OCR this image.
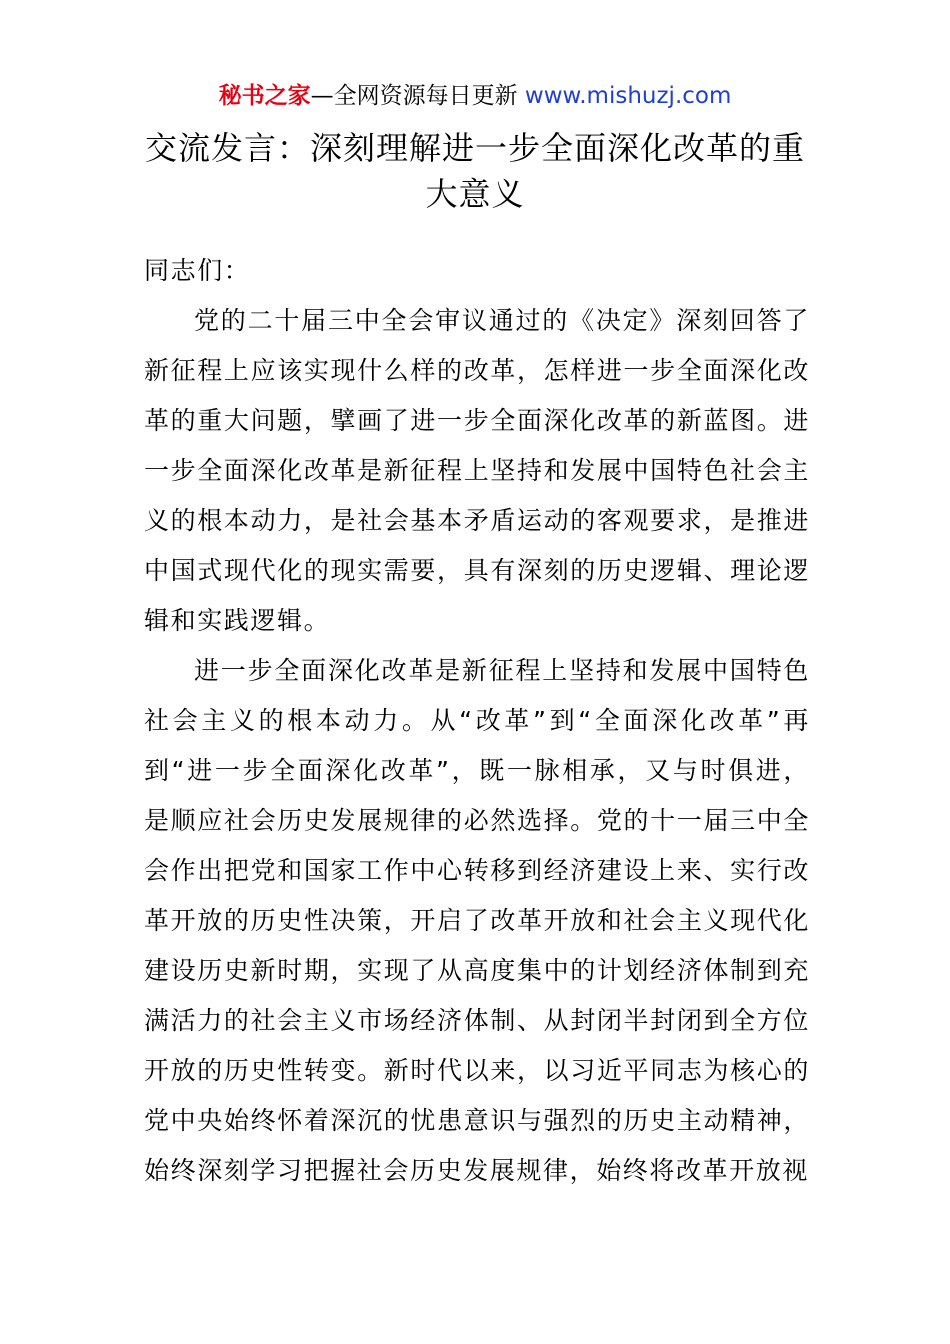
秘书之家—全网资源每日更新 www.mishuzj.com
交流发言：深刻理解进一步全面深化改革的重大意义

同志们：

党的二十届三中全会审议通过的《决定》深刻回答了新征程上应该实现什么样的改革，怎样进一步全面深化改革的重大问题，擘画了进一步全面深化改革的新蓝图。进一步全面深化改革是新征程上坚持和发展中国特色社会主义的根本动力，是社会基本矛盾运动的客观要求，是推进中国式现代化的现实需要，具有深刻的历史逻辑、理论逻辑和实践逻辑。

进一步全面深化改革是新征程上坚持和发展中国特色社会主义的根本动力。从“改革”到“全面深化改革”再到“进一步全面深化改革”，既一脉相承，又与时俱进，是顺应社会历史发展规律的必然选择。党的十一届三中全会作出把党和国家工作中心转移到经济建设上来、实行改革开放的历史性决策，开启了改革开放和社会主义现代化建设历史新时期，实现了从高度集中的计划经济体制到充满活力的社会主义市场经济体制、从封闭半封闭到全方位开放的历史性转变。新时代以来，以习近平同志为核心的党中央始终怀着深沉的忧患意识与强烈的历史主动精神，始终深刻学习把握社会历史发展规律，始终将改革开放视
